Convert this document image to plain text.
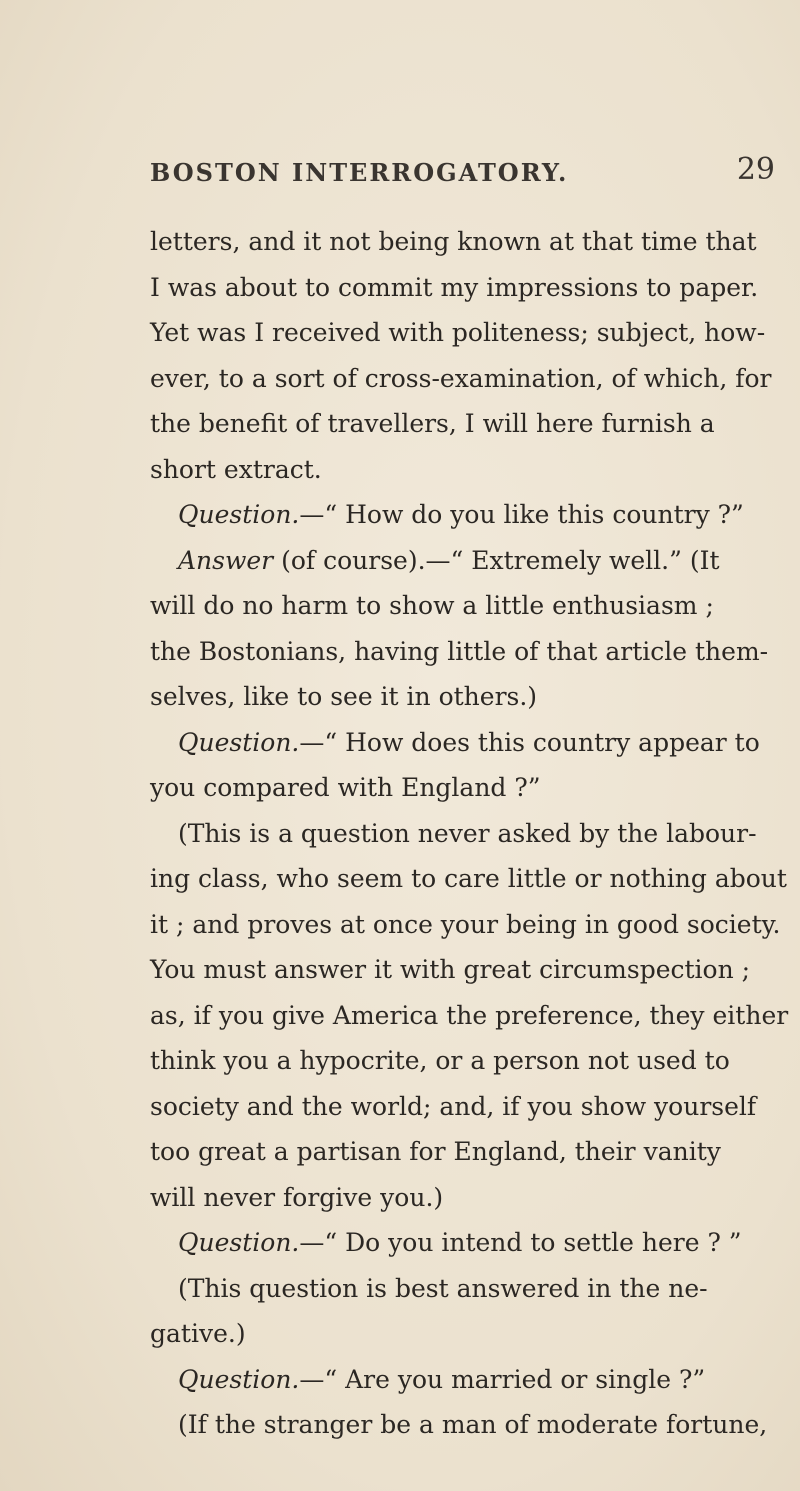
BOSTON INTERROGATORY.	29
letters, and it not being known at that time that
I was about to commit my impressions to paper.
Yet was I received with politeness; subject, how-
ever, to a sort of cross-examination, of which, for
the benefit of travellers, I will here furnish a
short extract.
Question.—“ How do you like this country ?”
Answer (of course).—“ Extremely well.” (It
will do no harm to show a little enthusiasm ;
the Bostonians, having little of that article them-
selves, like to see it in others.)
Question.—“ How does this country appear to
you compared with England ?”
(This is a question never asked by the labour-
ing class, who seem to care little or nothing about
it ; and proves at once your being in good society.
You must answer it with great circumspection ;
as, if you give America the preference, they either
think you a hypocrite, or a person not used to
society and the world; and, if you show yourself
too great a partisan for England, their vanity
will never forgive you.)
Question.—“ Do you intend to settle here ? ”
(This question is best answered in the ne-
gative.)
Question.—“ Are you married or single ?”
(If the stranger be a man of moderate fortune,
